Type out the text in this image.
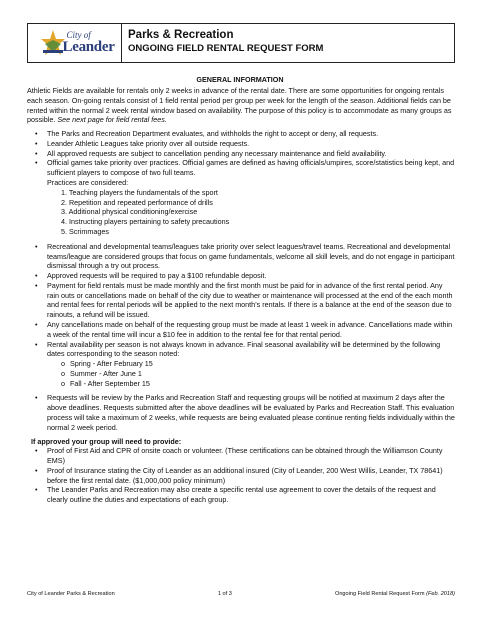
City of
Leander
Parks & Recreation
ONGOING FIELD RENTAL REQUEST FORM
GENERAL INFORMATION

Athletic Fields are available for rentals only 2 weeks in advance of the rental date. There are some opportunities for ongoing rentals each season. On-going rentals consist of 1 field rental period per group per week for the length of the season. Additional fields can be rented within the normal 2 week rental window based on availability. The purpose of this policy is to accommodate as many groups as possible. See next page for field rental fees.

• The Parks and Recreation Department evaluates, and withholds the right to accept or deny, all requests.
• Leander Athletic Leagues take priority over all outside requests.
• All approved requests are subject to cancellation pending any necessary maintenance and field availability.
• Official games take priority over practices. Official games are defined as having officials/umpires, score/statistics being kept, and sufficient players to compose of two full teams.
Practices are considered:
1. Teaching players the fundamentals of the sport
2. Repetition and repeated performance of drills
3. Additional physical conditioning/exercise
4. Instructing players pertaining to safety precautions
5. Scrimmages
• Recreational and developmental teams/leagues take priority over select leagues/travel teams. Recreational and developmental teams/league are considered groups that focus on game fundamentals, welcome all skill levels, and do not engage in participant dismissal through a try out process.
• Approved requests will be required to pay a $100 refundable deposit.
• Payment for field rentals must be made monthly and the first month must be paid for in advance of the first rental period. Any rain outs or cancellations made on behalf of the city due to weather or maintenance will processed at the end of the each month and rental fees for rental periods will be applied to the next month’s rentals. If there is a balance at the end of the season due to rainouts, a refund will be issued.
• Any cancellations made on behalf of the requesting group must be made at least 1 week in advance. Cancellations made within a week of the rental time will incur a $10 fee in addition to the rental fee for that rental period.
• Rental availability per season is not always known in advance. Final seasonal availability will be determined by the following dates corresponding to the season noted:
o Spring - After February 15
o Summer - After June 1
o Fall - After September 15
• Requests will be review by the Parks and Recreation Staff and requesting groups will be notified at maximum 2 days after the above deadlines. Requests submitted after the above deadlines will be evaluated by Parks and Recreation Staff. This evaluation process will take a maximum of 2 weeks, while requests are being evaluated please continue renting fields individually within the normal 2 week period.
If approved your group will need to provide:
• Proof of First Aid and CPR of onsite coach or volunteer. (These certifications can be obtained through the Williamson County EMS)
• Proof of Insurance stating the City of Leander as an additional insured (City of Leander, 200 West Willis, Leander, TX 78641) before the first rental date. ($1,000,000 policy minimum)
• The Leander Parks and Recreation may also create a specific rental use agreement to cover the details of the request and clearly outline the duties and expectations of each group.
City of Leander Parks & Recreation	1 of 3	Ongoing Field Rental Request Form (Feb. 2018)
